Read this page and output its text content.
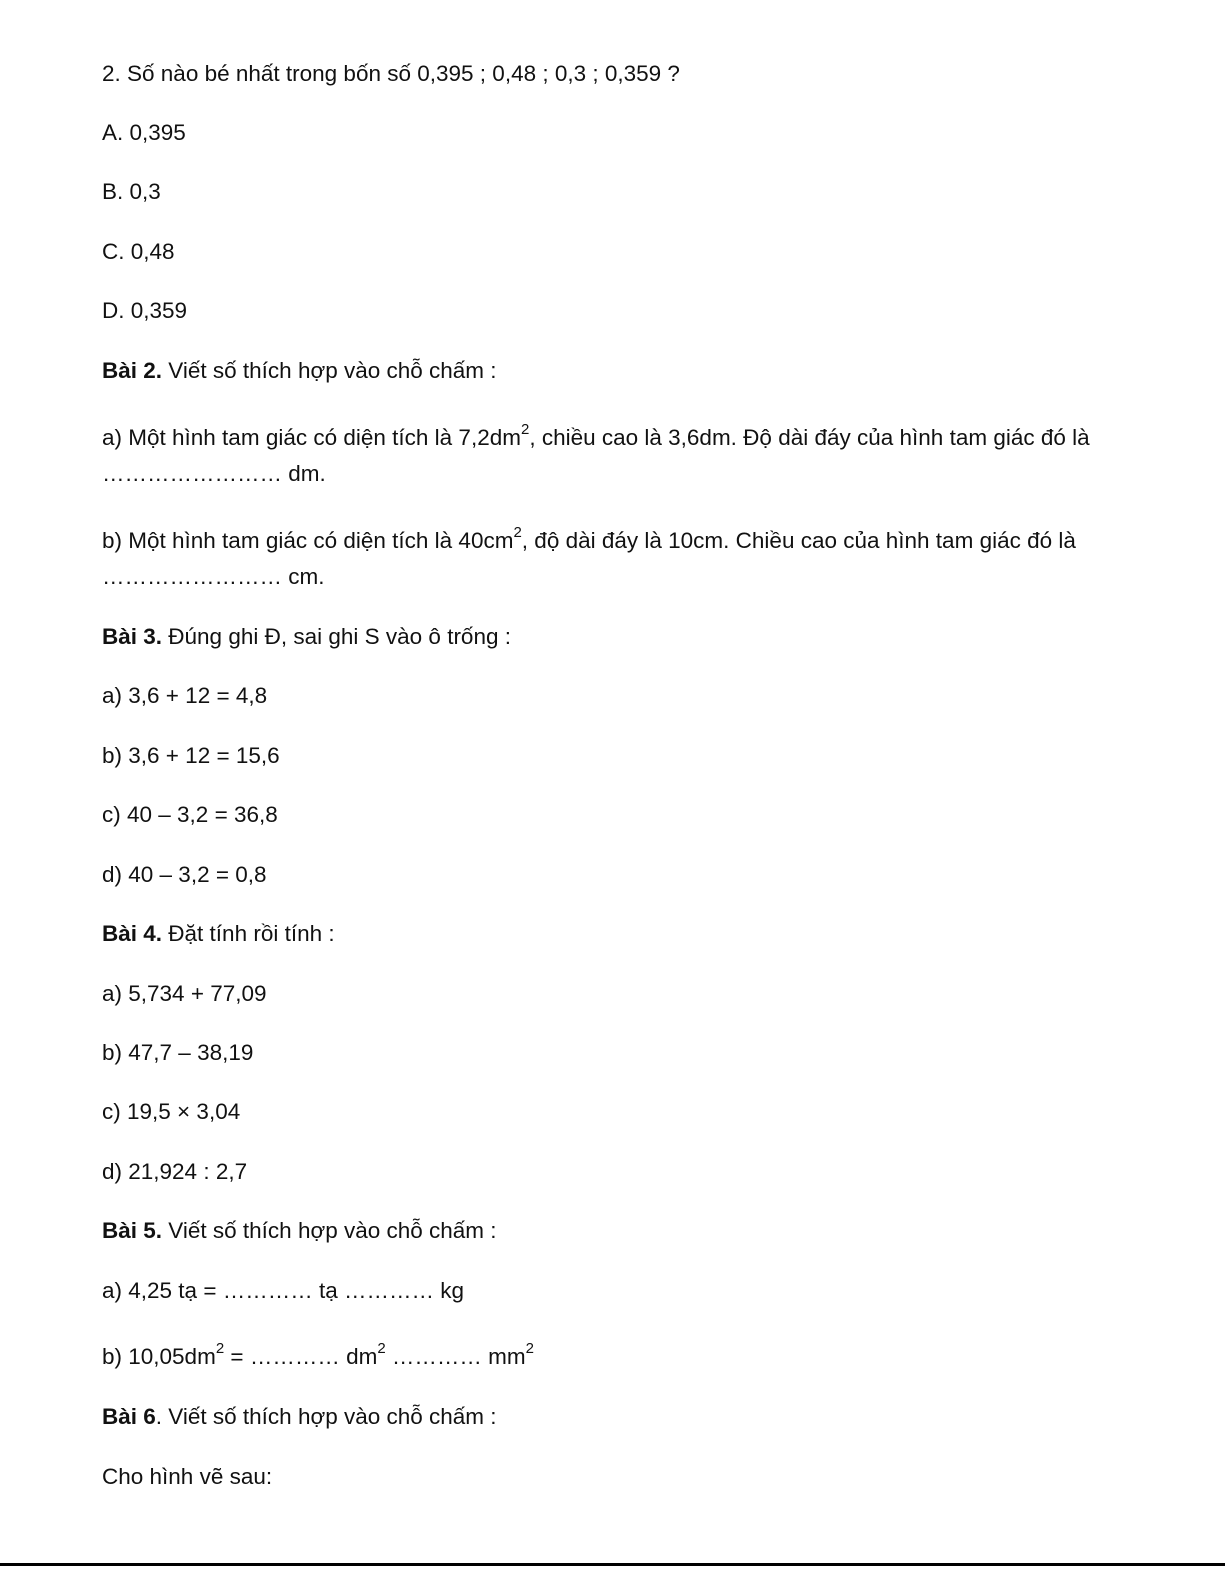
2. Số nào bé nhất trong bốn số 0,395 ; 0,48 ; 0,3 ; 0,359 ?
A. 0,395
B. 0,3
C. 0,48
D. 0,359
Bài 2. Viết số thích hợp vào chỗ chấm :
a) Một hình tam giác có diện tích là $7,2dm^2$, chiều cao là 3,6dm. Độ dài đáy của hình tam giác đó là …………………… dm.
b) Một hình tam giác có diện tích là $40cm^2$, độ dài đáy là 10cm. Chiều cao của hình tam giác đó là …………………… cm.
Bài 3. Đúng ghi Đ, sai ghi S vào ô trống :
a) 3,6 + 12 = 4,8
b) 3,6 + 12 = 15,6
c) 40 – 3,2 = 36,8
d) 40 – 3,2 = 0,8
Bài 4. Đặt tính rồi tính :
a) 5,734 + 77,09
b) 47,7 – 38,19
c) 19,5 × 3,04
d) 21,924 : 2,7
Bài 5. Viết số thích hợp vào chỗ chấm :
a) 4,25 tạ = ………… tạ ………… kg
b) $10,05dm^2$ = ………… $dm^2$ ………… $mm^2$
Bài 6. Viết số thích hợp vào chỗ chấm :
Cho hình vẽ sau:
